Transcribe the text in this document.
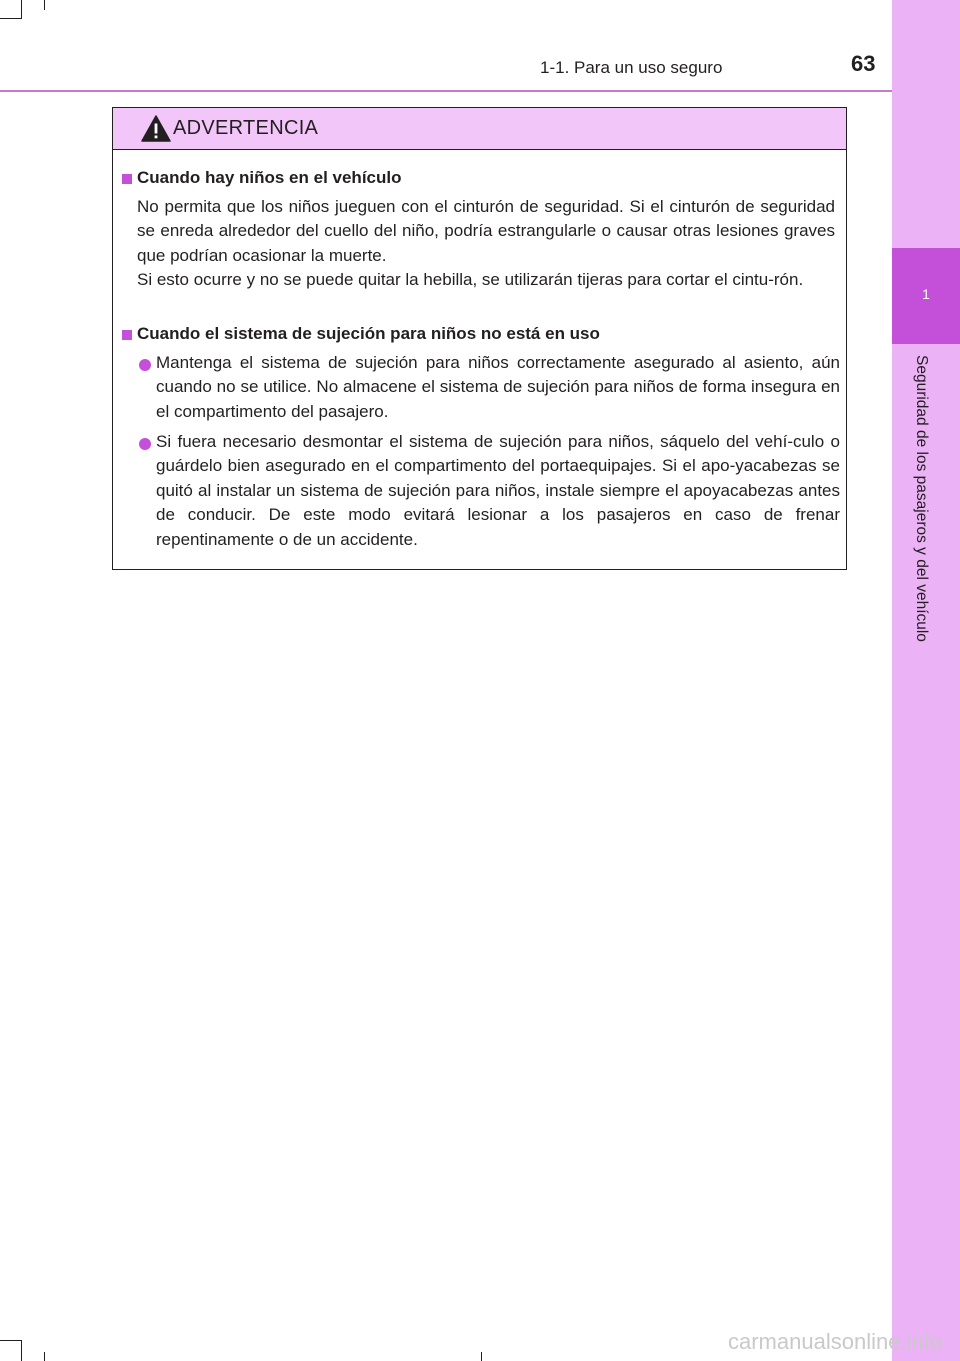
1-1. Para un uso seguro	63
1
Seguridad de los pasajeros y del vehículo
ADVERTENCIA
Cuando hay niños en el vehículo

No permita que los niños jueguen con el cinturón de seguridad. Si el cinturón de seguridad se enreda alrededor del cuello del niño, podría estrangularle o causar otras lesiones graves que podrían ocasionar la muerte.

Si esto ocurre y no se puede quitar la hebilla, se utilizarán tijeras para cortar el cintu-rón.

Cuando el sistema de sujeción para niños no está en uso

Mantenga el sistema de sujeción para niños correctamente asegurado al asiento, aún cuando no se utilice. No almacene el sistema de sujeción para niños de forma insegura en el compartimento del pasajero.

Si fuera necesario desmontar el sistema de sujeción para niños, sáquelo del vehí-culo o guárdelo bien asegurado en el compartimento del portaequipajes. Si el apo-yacabezas se quitó al instalar un sistema de sujeción para niños, instale siempre el apoyacabezas antes de conducir. De este modo evitará lesionar a los pasajeros en caso de frenar repentinamente o de un accidente.

carmanualsonline.info
